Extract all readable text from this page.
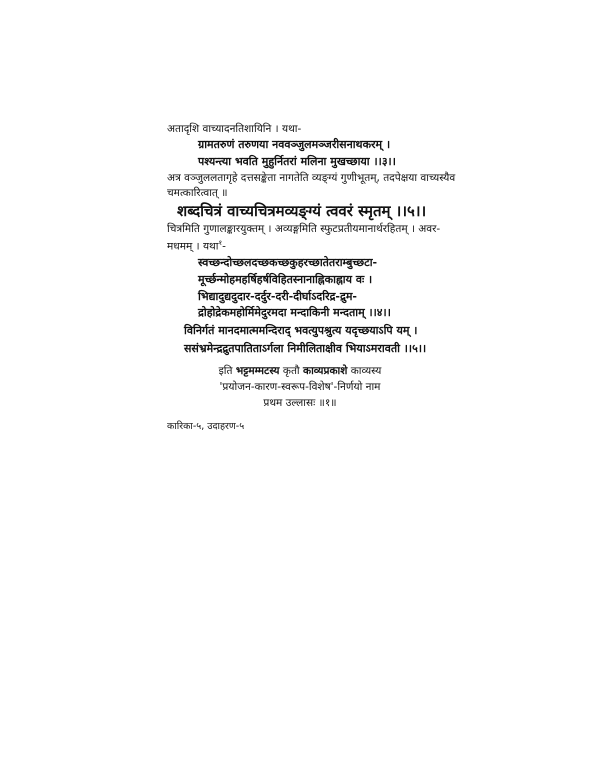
अतादृशि वाच्यादनतिशायिनि । यथा-
ग्रामतरुणं तरुणया नववञ्जुलमञ्जरीसनाथकरम् ।
पश्यन्त्या भवति मुहुर्नितरां मलिना मुखच्छाया ।।३।।
अत्र वञ्जुललतागृहे दत्तसङ्केता नागतेति व्यङ्ग्यं गुणीभूतम्, तदपेक्षया वाच्यस्यैव
चमत्कारित्वात् ॥
शब्दचित्रं वाच्यचित्रमव्यङ्ग्यं त्ववरं स्मृतम् ।।५।।
चित्रमिति गुणालङ्कारयुक्तम् । अव्यङ्गमिति स्फुटप्रतीयमानार्थरहितम् । अवर-
मधमम् । यथा$^१$-
स्वच्छन्दोच्छलदच्छकच्छकुहरच्छातेतराम्बुच्छटा-
मूर्च्छन्मोहमहर्षिहर्षविहितस्नानाह्निकाह्नाय वः ।
भिद्यादुद्यदुदार-दर्दुर-दरी-दीर्घाऽदरिद्र-द्रुम-
द्रोहोद्रेकमहोर्मिमेदुरमदा मन्दाकिनी मन्दताम् ।।४।।
विनिर्गतं मानदमात्ममन्दिराद् भवत्युपश्रुत्य यदृच्छयाऽपि यम् ।
ससंभ्रमेन्द्रद्रुतपातिताऽर्गला निमीलिताक्षीव भियाऽमरावती ।।५।।
इति भट्टमम्मटस्य कृतौ काव्यप्रकाशे काव्यस्य
'प्रयोजन-कारण-स्वरूप-विशेष'-निर्णयो नाम
प्रथम उल्लासः ॥१॥
कारिका-५, उदाहरण-५
